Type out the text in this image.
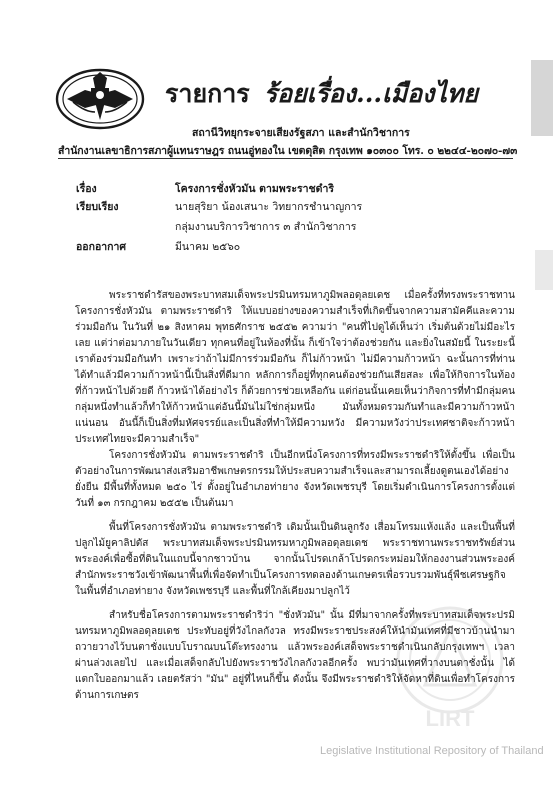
รายการ ร้อยเรื่อง...เมืองไทย
สถานีวิทยุกระจายเสียงรัฐสภา และสำนักวิชาการ
สำนักงานเลขาธิการสภาผู้แทนราษฎร ถนนอู่ทองใน เขตดุสิต กรุงเทพ ๑๐๓๐๐ โทร. ๐ ๒๒๔๔-๒๐๗๐-๗๓
เรื่อง	โครงการชั่งหัวมัน ตามพระราชดำริ
เรียบเรียง	นายสุริยา น้องเสนาะ วิทยากรชำนาญการ
กลุ่มงานบริการวิชาการ ๓ สำนักวิชาการ
ออกอากาศ	มีนาคม ๒๕๖๐

พระราชดำรัสของพระบาทสมเด็จพระปรมินทรมหาภูมิพลอดุลยเดช เมื่อครั้งที่ทรงพระราชทานโครงการชั่งหัวมัน ตามพระราชดำริ ให้แบบอย่างของความสำเร็จที่เกิดขึ้นจากความสามัคคีและความร่วมมือกัน ในวันที่ ๒๑ สิงหาคม พุทธศักราช ๒๕๕๒ ความว่า "คนที่ไปดูได้เห็นว่า เริ่มต้นด้วยไม่มีอะไรเลย แต่ว่าต่อมาภายในวันเดียว ทุกคนที่อยู่ในห้องที่นั้น ก็เข้าใจว่าต้องช่วยกัน และยิ่งในสมัยนี้ ในระยะนี้ เราต้องร่วมมือกันทำ เพราะว่าถ้าไม่มีการร่วมมือกัน ก็ไม่ก้าวหน้า ไม่มีความก้าวหน้า ฉะนั้นการที่ท่านได้ทำแล้วมีความก้าวหน้านี้เป็นสิ่งที่ดีมาก หลักการก็อยู่ที่ทุกคนต้องช่วยกันเสียสละ เพื่อให้กิจการในท้องที่ก้าวหน้าไปด้วยดี ก้าวหน้าได้อย่างไร ก็ด้วยการช่วยเหลือกัน แต่ก่อนนั้นเคยเห็นว่ากิจการที่ทำมีกลุ่มคนกลุ่มหนึ่งทำแล้วก็ทำให้ก้าวหน้าแต่อันนี้มันไม่ใช่กลุ่มหนึ่ง มันทั้งหมดรวมกันทำและมีความก้าวหน้าแน่นอน อันนี้ก็เป็นสิ่งที่มหัศจรรย์และเป็นสิ่งที่ทำให้มีความหวัง มีความหวังว่าประเทศชาติจะก้าวหน้า ประเทศไทยจะมีความสำเร็จ"

โครงการชั่งหัวมัน ตามพระราชดำริ เป็นอีกหนึ่งโครงการที่ทรงมีพระราชดำริให้ตั้งขึ้น เพื่อเป็นตัวอย่างในการพัฒนาส่งเสริมอาชีพเกษตรกรรมให้ประสบความสำเร็จและสามารถเลี้ยงดูตนเองได้อย่างยั่งยืน มีพื้นที่ทั้งหมด ๒๕๐ ไร่ ตั้งอยู่ในอำเภอท่ายาง จังหวัดเพชรบุรี โดยเริ่มดำเนินการโครงการตั้งแต่วันที่ ๑๓ กรกฎาคม ๒๕๕๒ เป็นต้นมา

พื้นที่โครงการชั่งหัวมัน ตามพระราชดำริ เดิมนั้นเป็นดินลูกรัง เสื่อมโทรมแห้งแล้ง และเป็นพื้นที่ปลูกไม้ยูคาลิปตัส พระบาทสมเด็จพระปรมินทรมหาภูมิพลอดุลยเดช พระราชทานพระราชทรัพย์ส่วนพระองค์เพื่อซื้อที่ดินในแถบนี้จากชาวบ้าน จากนั้นโปรดเกล้าโปรดกระหม่อมให้กองงานส่วนพระองค์ สำนักพระราชวังเข้าพัฒนาพื้นที่เพื่อจัดทำเป็นโครงการทดลองด้านเกษตรเพื่อรวบรวมพันธุ์พืชเศรษฐกิจในพื้นที่อำเภอท่ายาง จังหวัดเพชรบุรี และพื้นที่ใกล้เคียงมาปลูกไว้

สำหรับชื่อโครงการตามพระราชดำริว่า "ชั่งหัวมัน" นั้น มีที่มาจากครั้งที่พระบาทสมเด็จพระปรมินทรมหาภูมิพลอดุลยเดช ประทับอยู่ที่วังไกลกังวล ทรงมีพระราชประสงค์ให้นำมันเทศที่มีชาวบ้านนำมาถวายวางไว้บนตาชั่งแบบโบราณบนโต๊ะทรงงาน แล้วพระองค์เสด็จพระราชดำเนินกลับกรุงเทพฯ เวลาผ่านล่วงเลยไป และเมื่อเสด็จกลับไปยังพระราชวังไกลกังวลอีกครั้ง พบว่ามันเทศที่วางบนตาชั่งนั้น ได้แตกใบออกมาแล้ว เลยตรัสว่า "มัน" อยู่ที่ไหนก็ขึ้น ดังนั้น จึงมีพระราชดำริให้จัดหาที่ดินเพื่อทำโครงการด้านการเกษตร

LIRT
Legislative Institutional Repository of Thailand
